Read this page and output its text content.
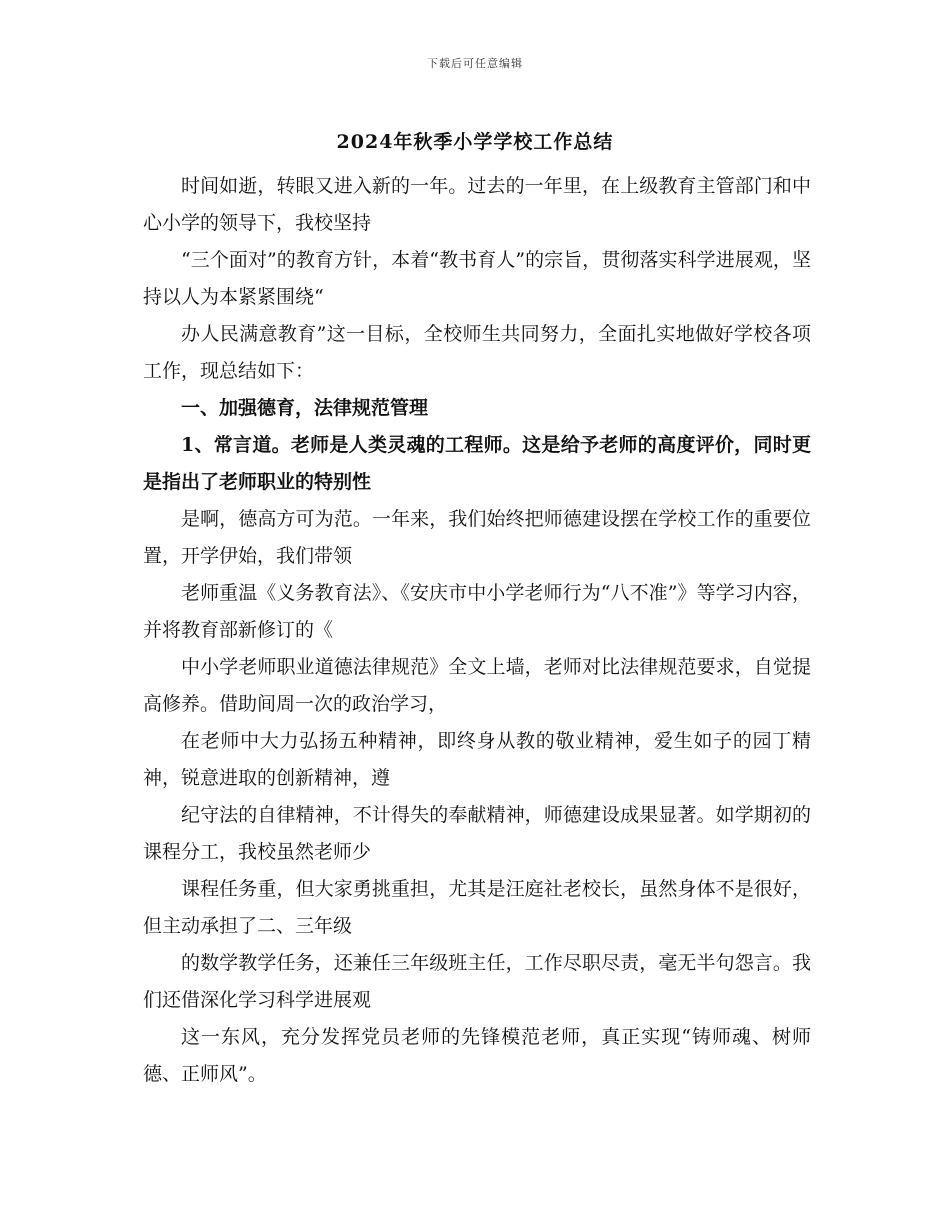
下载后可任意编辑
2024年秋季小学学校工作总结

时间如逝，转眼又进入新的一年。过去的一年里，在上级教育主管部门和中心小学的领导下，我校坚持

“三个面对”的教育方针，本着“教书育人”的宗旨，贯彻落实科学进展观，坚持以人为本紧紧围绕“

办人民满意教育”这一目标，全校师生共同努力，全面扎实地做好学校各项工作，现总结如下：

一、加强德育，法律规范管理

1、常言道。老师是人类灵魂的工程师。这是给予老师的高度评价，同时更是指出了老师职业的特别性

是啊，德高方可为范。一年来，我们始终把师德建设摆在学校工作的重要位置，开学伊始，我们带领

老师重温《义务教育法》、《安庆市中小学老师行为“八不准”》等学习内容，并将教育部新修订的《

中小学老师职业道德法律规范》全文上墙，老师对比法律规范要求，自觉提高修养。借助间周一次的政治学习，

在老师中大力弘扬五种精神，即终身从教的敬业精神，爱生如子的园丁精神，锐意进取的创新精神，遵

纪守法的自律精神，不计得失的奉献精神，师德建设成果显著。如学期初的课程分工，我校虽然老师少

课程任务重，但大家勇挑重担，尤其是汪庭社老校长，虽然身体不是很好，但主动承担了二、三年级

的数学教学任务，还兼任三年级班主任，工作尽职尽责，毫无半句怨言。我们还借深化学习科学进展观

这一东风，充分发挥党员老师的先锋模范老师，真正实现“铸师魂、树师德、正师风”。
